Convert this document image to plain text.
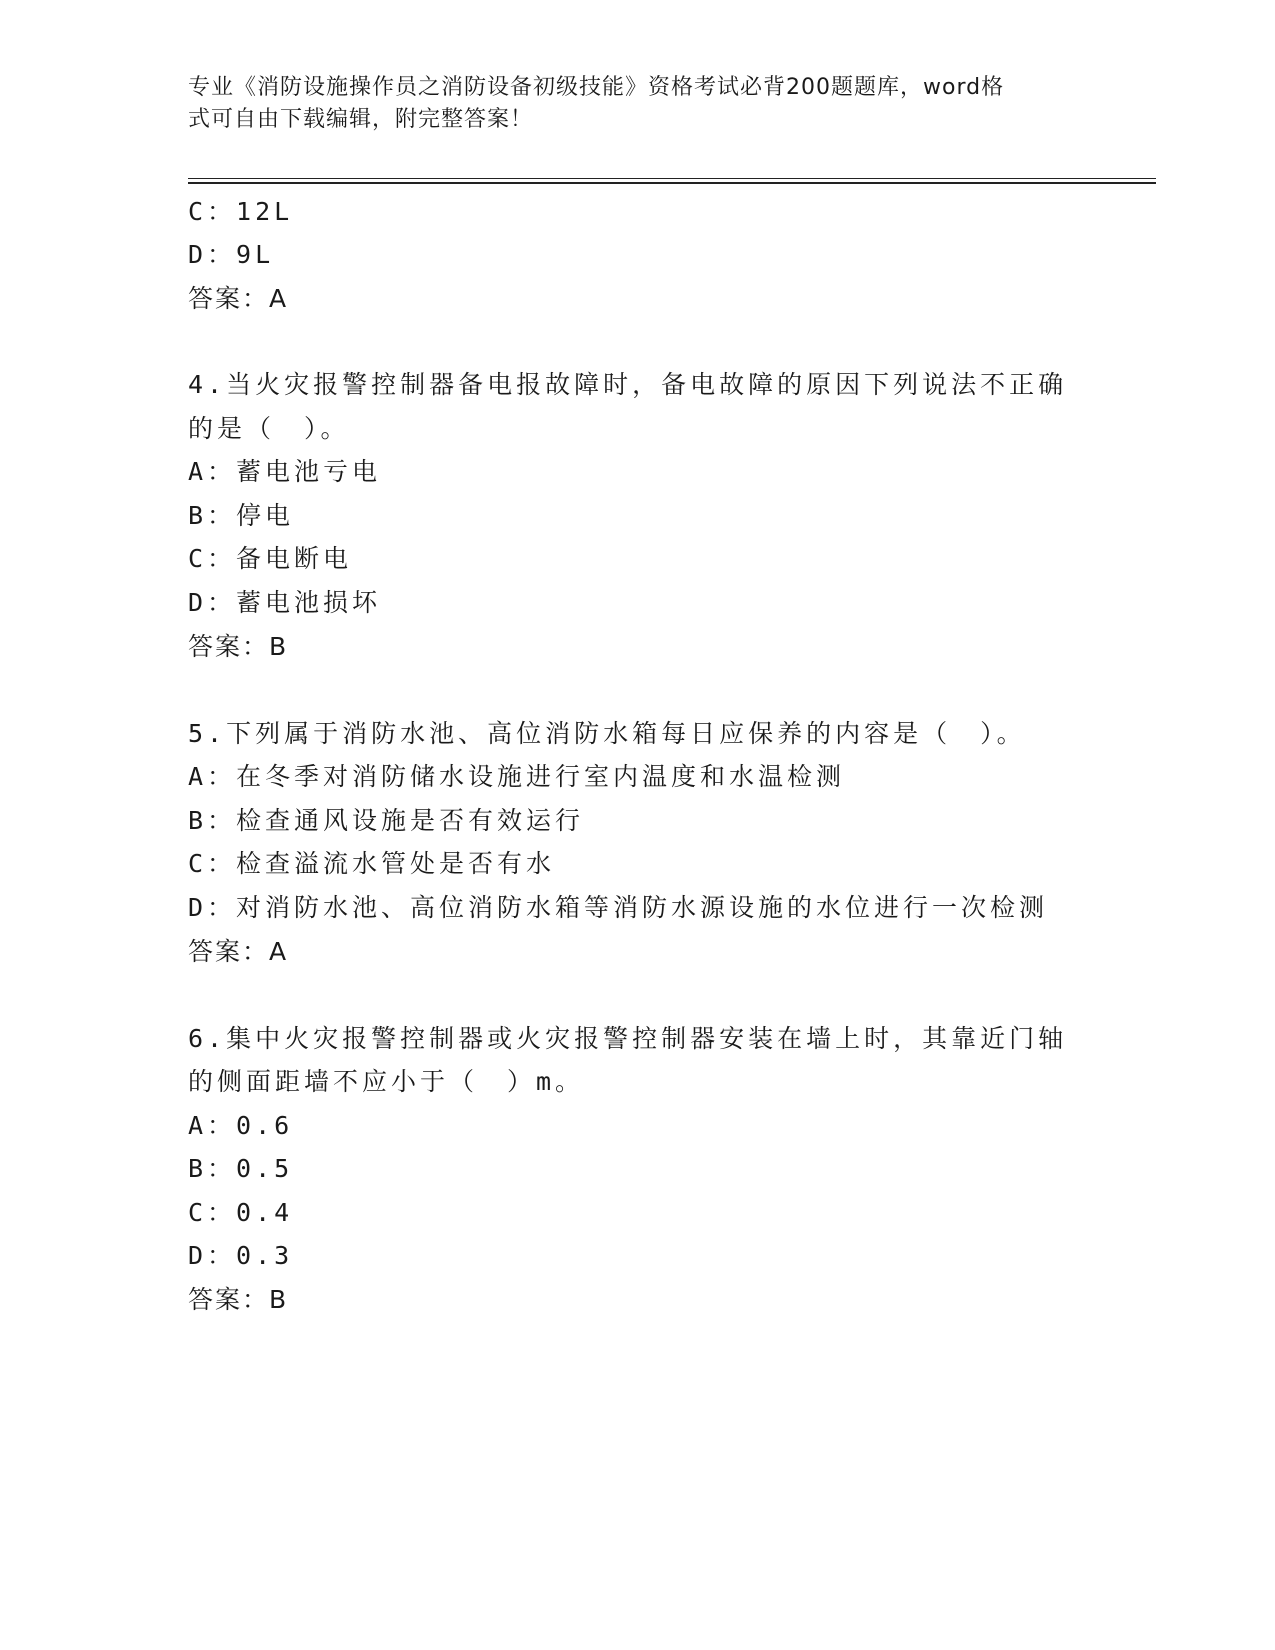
专业《消防设施操作员之消防设备初级技能》资格考试必背200题题库，word格
式可自由下载编辑，附完整答案！
C：12L
D：9L
答案：A
4.当火灾报警控制器备电报故障时，备电故障的原因下列说法不正确
的是（　）。
A：蓄电池亏电
B：停电
C：备电断电
D：蓄电池损坏
答案：B
5.下列属于消防水池、高位消防水箱每日应保养的内容是（　）。
A：在冬季对消防储水设施进行室内温度和水温检测
B：检查通风设施是否有效运行
C：检查溢流水管处是否有水
D：对消防水池、高位消防水箱等消防水源设施的水位进行一次检测
答案：A
6.集中火灾报警控制器或火灾报警控制器安装在墙上时，其靠近门轴
的侧面距墙不应小于（　）m。
A：0.6
B：0.5
C：0.4
D：0.3
答案：B
